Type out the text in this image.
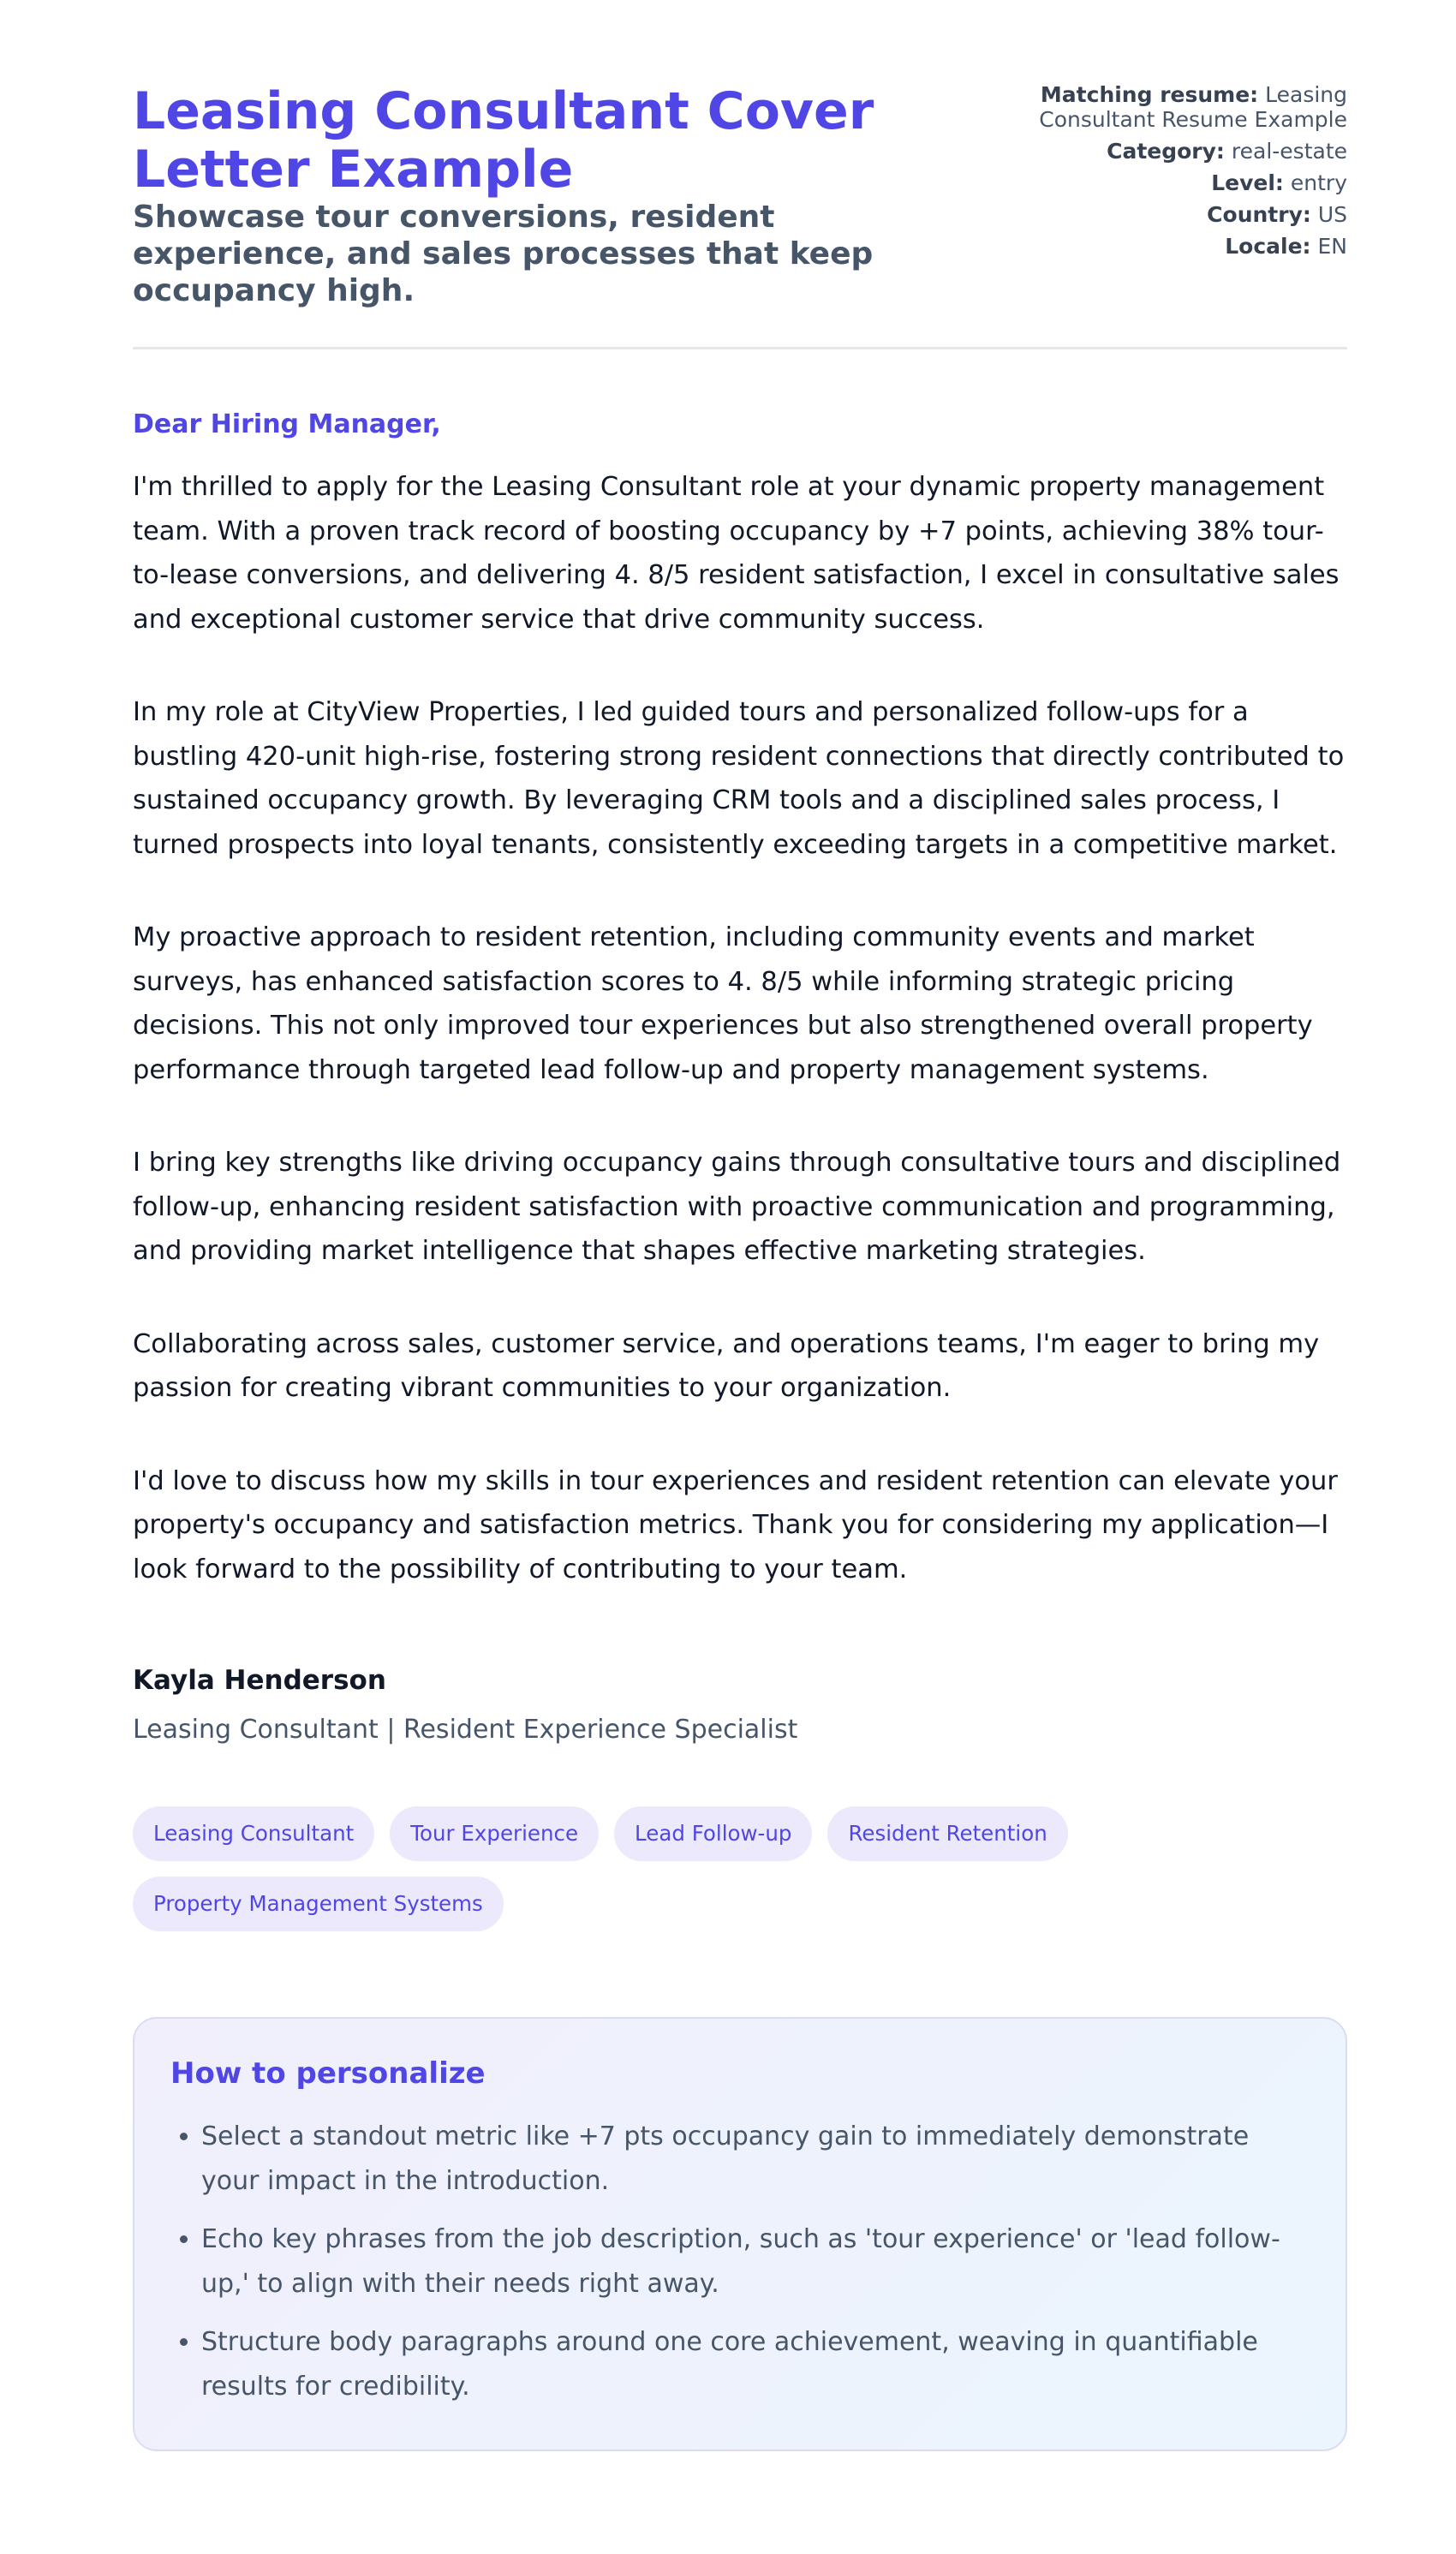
Leasing Consultant Cover Letter Example

Showcase tour conversions, resident experience, and sales processes that keep occupancy high.

Matching resume: Leasing Consultant Resume Example
Category: real-estate
Level: entry
Country: US
Locale: EN
Dear Hiring Manager,

I'm thrilled to apply for the Leasing Consultant role at your dynamic property management team. With a proven track record of boosting occupancy by +7 points, achieving 38% tour-to-lease conversions, and delivering 4. 8/5 resident satisfaction, I excel in consultative sales and exceptional customer service that drive community success.

In my role at CityView Properties, I led guided tours and personalized follow-ups for a bustling 420-unit high-rise, fostering strong resident connections that directly contributed to sustained occupancy growth. By leveraging CRM tools and a disciplined sales process, I turned prospects into loyal tenants, consistently exceeding targets in a competitive market.

My proactive approach to resident retention, including community events and market surveys, has enhanced satisfaction scores to 4. 8/5 while informing strategic pricing decisions. This not only improved tour experiences but also strengthened overall property performance through targeted lead follow-up and property management systems.

I bring key strengths like driving occupancy gains through consultative tours and disciplined follow-up, enhancing resident satisfaction with proactive communication and programming, and providing market intelligence that shapes effective marketing strategies.

Collaborating across sales, customer service, and operations teams, I'm eager to bring my passion for creating vibrant communities to your organization.

I'd love to discuss how my skills in tour experiences and resident retention can elevate your property's occupancy and satisfaction metrics. Thank you for considering my application—I look forward to the possibility of contributing to your team.

Kayla Henderson
Leasing Consultant | Resident Experience Specialist
Leasing Consultant	Tour Experience	Lead Follow-up	Resident Retention
Property Management Systems
How to personalize
• Select a standout metric like +7 pts occupancy gain to immediately demonstrate your impact in the introduction.
• Echo key phrases from the job description, such as 'tour experience' or 'lead follow-up,' to align with their needs right away.
• Structure body paragraphs around one core achievement, weaving in quantifiable results for credibility.
